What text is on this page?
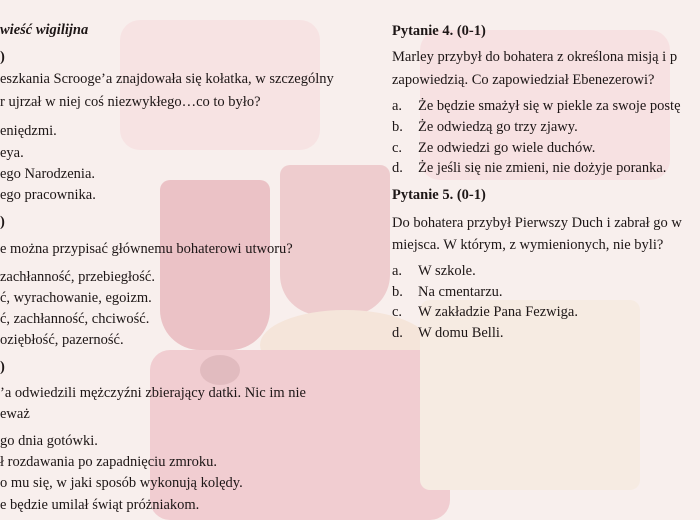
wieść wigilijna
)
eszkania Scrooge’a znajdowała się kołatka, w szczególny
r ujrzał w niej coś niezwykłego…co to było?
eniędzmi.
eya.
ego Narodzenia.
ego pracownika.
)
e można przypisać głównemu bohaterowi utworu?
zachłanność, przebiegłość.
ć, wyrachowanie, egoizm.
ć, zachłanność, chciwość.
oziębłość, pazerność.
)
’a odwiedzili mężczyźni zbierający datki. Nic im nie
eważ
go dnia gotówki.
ł rozdawania po zapadnięciu zmroku.
o mu się, w jaki sposób wykonują kolędy.
e będzie umilał świąt próżniakom.
Pytanie 4. (0-1)
Marley przybył do bohatera z określona misją i p
zapowiedzią. Co zapowiedział Ebenezerowi?
a. Że będzie smażył się w piekle za swoje postę
b. Że odwiedzą go trzy zjawy.
c. Ze odwiedzi go wiele duchów.
d. Że jeśli się nie zmieni, nie dożyje poranka.
Pytanie 5. (0-1)
Do bohatera przybył Pierwszy Duch i zabrał go w
miejsca. W którym, z wymienionych, nie byli?
a. W szkole.
b. Na cmentarzu.
c. W zakładzie Pana Fezwiga.
d. W domu Belli.
